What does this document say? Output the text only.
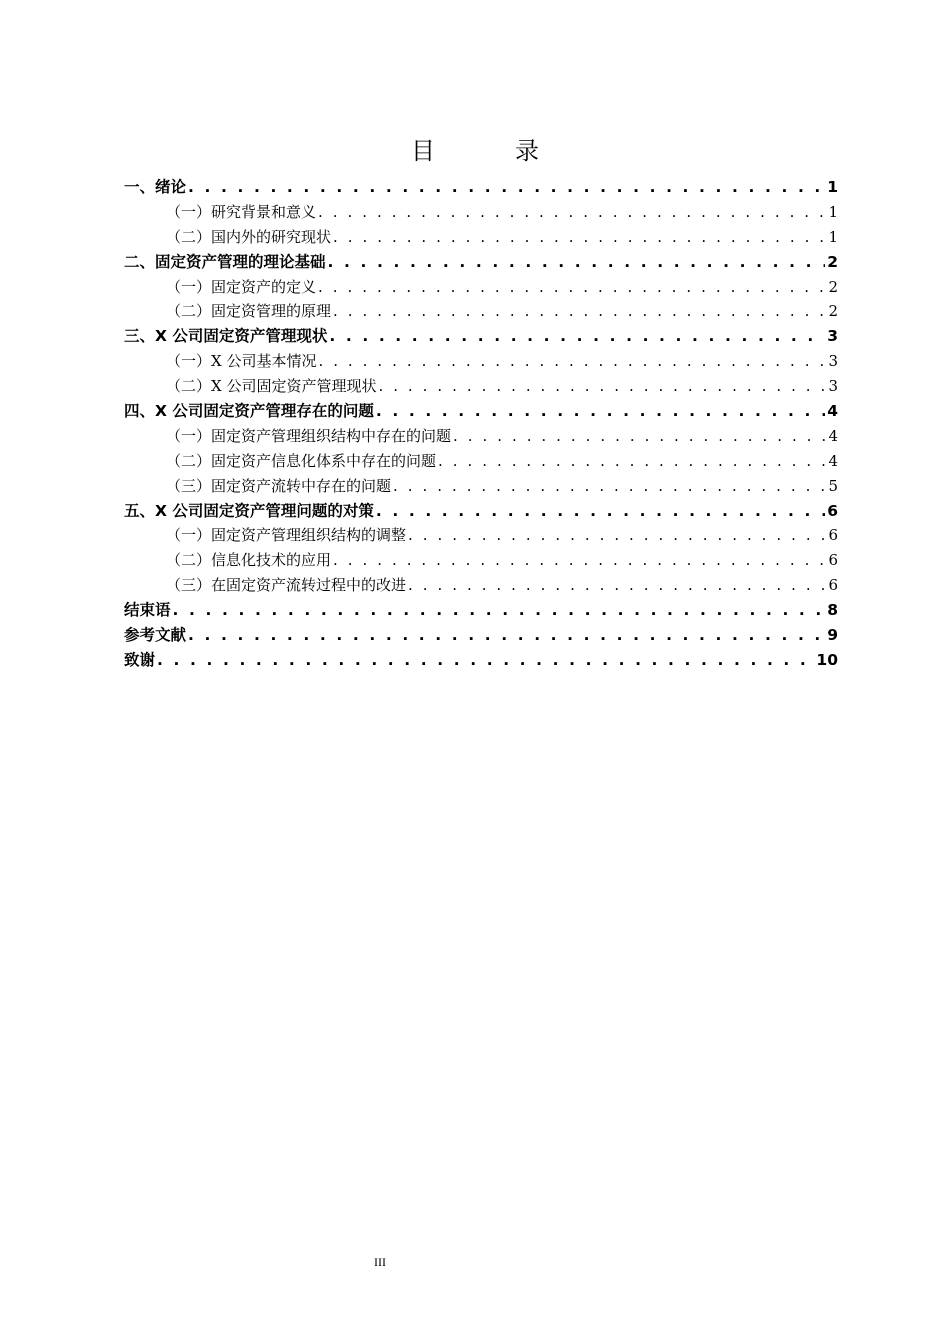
目　录
一、绪论 . . .	1
（一）研究背景和意义 . . .	1
（二）国内外的研究现状 . . .	1
二、固定资产管理的理论基础 . . .	2
（一）固定资产的定义 . . .	2
（二）固定资管理的原理 . . .	2
三、X 公司固定资产管理现状 . . .	3
（一）X 公司基本情况 . . .	3
（二）X 公司固定资产管理现状 . . .	3
四、X 公司固定资产管理存在的问题 . . .	4
（一）固定资产管理组织结构中存在的问题 . . .	4
（二）固定资产信息化体系中存在的问题 . . .	4
（三）固定资产流转中存在的问题 . . .	5
五、X 公司固定资产管理问题的对策 . . .	6
（一）固定资产管理组织结构的调整 . . .	6
（二）信息化技术的应用 . . .	6
（三）在固定资产流转过程中的改进 . . .	6
结束语 . . .	8
参考文献 . . .	9
致谢 . . .	10
III
